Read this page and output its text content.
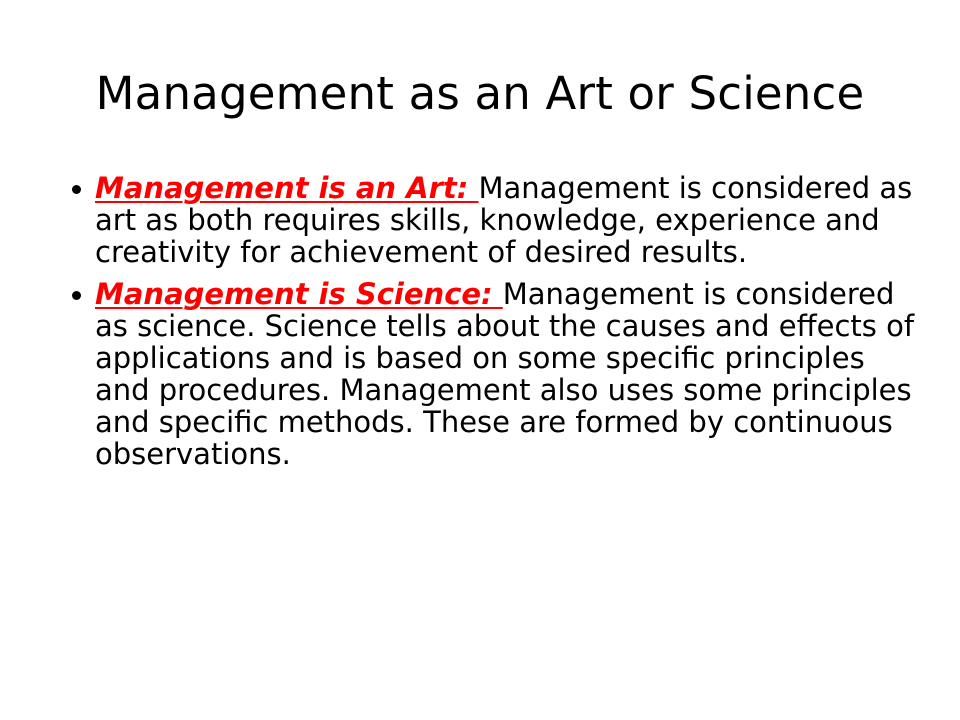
Management as an Art or Science
Management is an Art: Management is considered as art as both requires skills, knowledge, experience and creativity for achievement of desired results.
Management is Science: Management is considered as science. Science tells about the causes and effects of applications and is based on some specific principles and procedures. Management also uses some principles and specific methods. These are formed by continuous observations.
